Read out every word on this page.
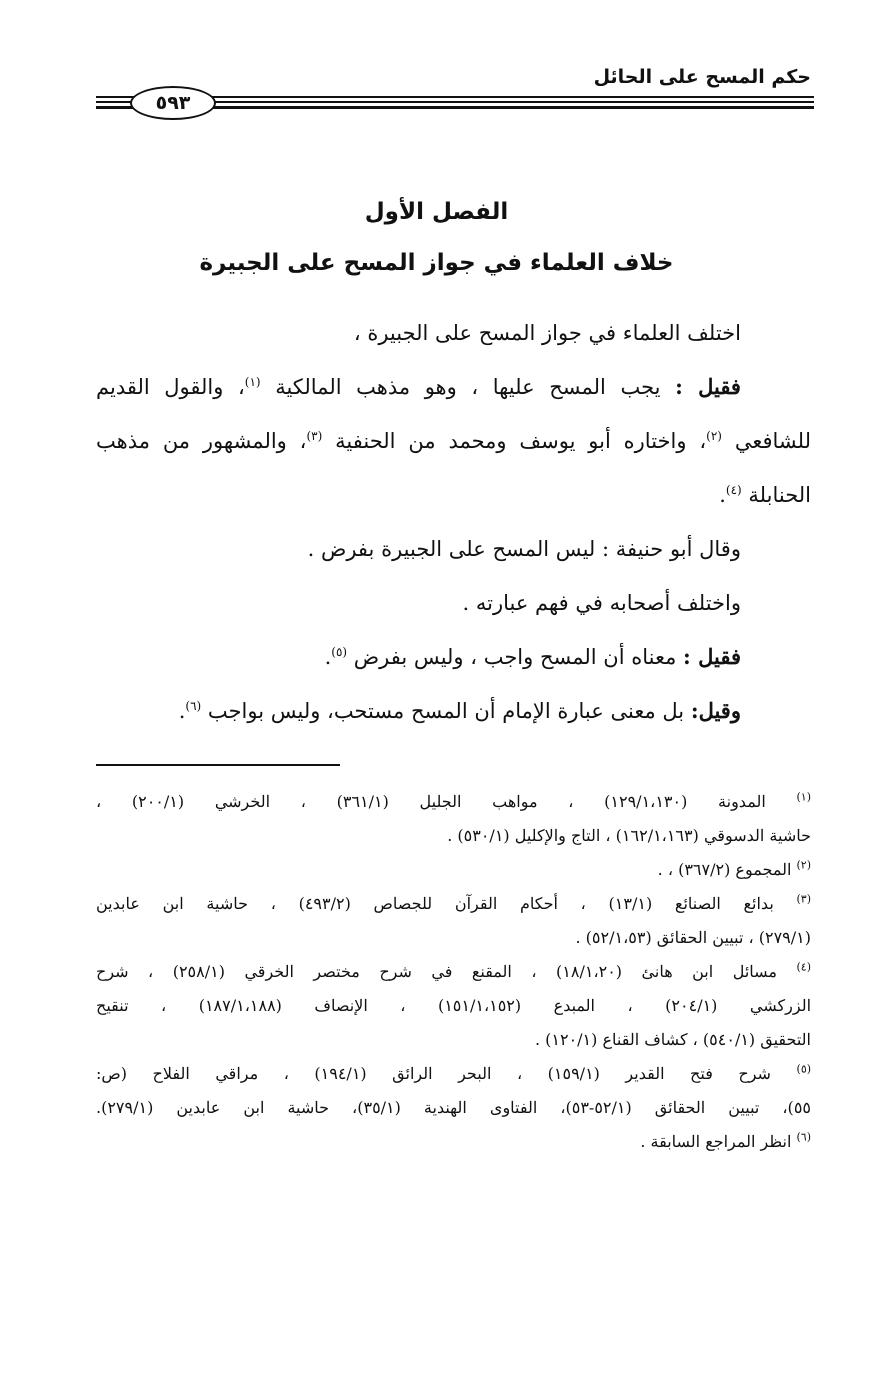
حكم المسح على الحائل
٥٩٣
الفصل الأول
خلاف العلماء في جواز المسح على الجبيرة
اختلف العلماء في جواز المسح على الجبيرة ،
فقيل : يجب المسح عليها ، وهو مذهب المالكية $^{(١)}$، والقول القديم
للشافعي $^{(٢)}$، واختاره أبو يوسف ومحمد من الحنفية $^{(٣)}$، والمشهور من مذهب
الحنابلة $^{(٤)}$.
وقال أبو حنيفة : ليس المسح على الجبيرة بفرض .
واختلف أصحابه في فهم عبارته .
فقيل : معناه أن المسح واجب ، وليس بفرض $^{(٥)}$.
وقيل: بل معنى عبارة الإمام أن المسح مستحب، وليس بواجب $^{(٦)}$.
$^{(١)}$ المدونة (١٢٩/١،١٣٠) ، مواهب الجليل (٣٦١/١) ، الخرشي (٢٠٠/١) ،
حاشية الدسوقي (١٦٢/١،١٦٣) ، التاج والإكليل (٥٣٠/١) .
$^{(٢)}$ المجموع (٣٦٧/٢) ، .
$^{(٣)}$ بدائع الصنائع (١٣/١) ، أحكام القرآن للجصاص (٤٩٣/٢) ، حاشية ابن عابدين
(٢٧٩/١) ، تبيين الحقائق (٥٢/١،٥٣) .
$^{(٤)}$ مسائل ابن هانئ (١٨/١،٢٠) ، المقنع في شرح مختصر الخرقي (٢٥٨/١) ، شرح
الزركشي (٢٠٤/١) ، المبدع (١٥١/١،١٥٢) ، الإنصاف (١٨٧/١،١٨٨) ، تنقيح
التحقيق (٥٤٠/١) ، كشاف القناع (١٢٠/١) .
$^{(٥)}$ شرح فتح القدير (١٥٩/١) ، البحر الرائق (١٩٤/١) ، مراقي الفلاح (ص:
٥٥)، تبيين الحقائق (٥٢/١-٥٣)، الفتاوى الهندية (٣٥/١)، حاشية ابن عابدين (٢٧٩/١).
$^{(٦)}$ انظر المراجع السابقة .
